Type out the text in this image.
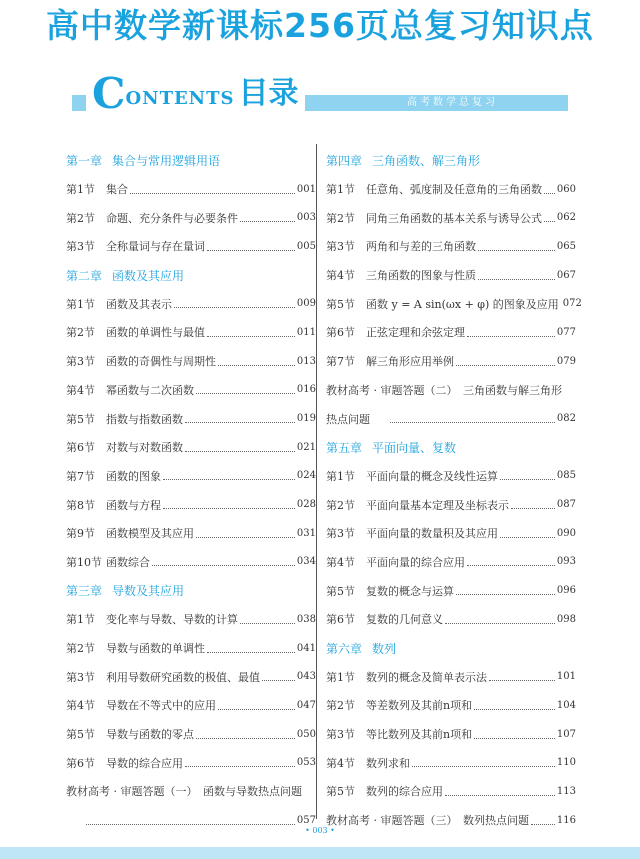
高中数学新课标256页总复习知识点
高考数学总复习
C ONTENTS 目录
第一章 集合与常用逻辑用语
第1节	集合	001
第2节	命题、充分条件与必要条件	003
第3节	全称量词与存在量词	005
第二章 函数及其应用
第1节	函数及其表示	009
第2节	函数的单调性与最值	011
第3节	函数的奇偶性与周期性	013
第4节	幂函数与二次函数	016
第5节	指数与指数函数	019
第6节	对数与对数函数	021
第7节	函数的图象	024
第8节	函数与方程	028
第9节	函数模型及其应用	031
第10节 函数综合	034
第三章 导数及其应用
第1节	变化率与导数、导数的计算	038
第2节	导数与函数的单调性	041
第3节	利用导数研究函数的极值、最值	043
第4节	导数在不等式中的应用	047
第5节	导数与函数的零点	050
第6节	导数的综合应用	053
教材高考 · 审题答题（一）　函数与导数热点问题
057
第四章 三角函数、解三角形
第1节	任意角、弧度制及任意角的三角函数 060
第2节	同角三角函数的基本关系与诱导公式 062
第3节	两角和与差的三角函数	065
第4节	三角函数的图象与性质	067
第5节	函数 y = A sin(ωx + φ) 的图象及应用 072
第6节	正弦定理和余弦定理	077
第7节	解三角形应用举例	079
教材高考 · 审题答题（二）　三角函数与解三角形
热点问题	082
第五章 平面向量、复数
第1节	平面向量的概念及线性运算	085
第2节	平面向量基本定理及坐标表示	087
第3节	平面向量的数量积及其应用	090
第4节	平面向量的综合应用	093
第5节	复数的概念与运算	096
第6节	复数的几何意义	098
第六章 数列
第1节	数列的概念及简单表示法	101
第2节	等差数列及其前n项和	104
第3节	等比数列及其前n项和	107
第4节	数列求和	110
第5节	数列的综合应用	113
教材高考 · 审题答题（三）　数列热点问题	116
• 003 •
